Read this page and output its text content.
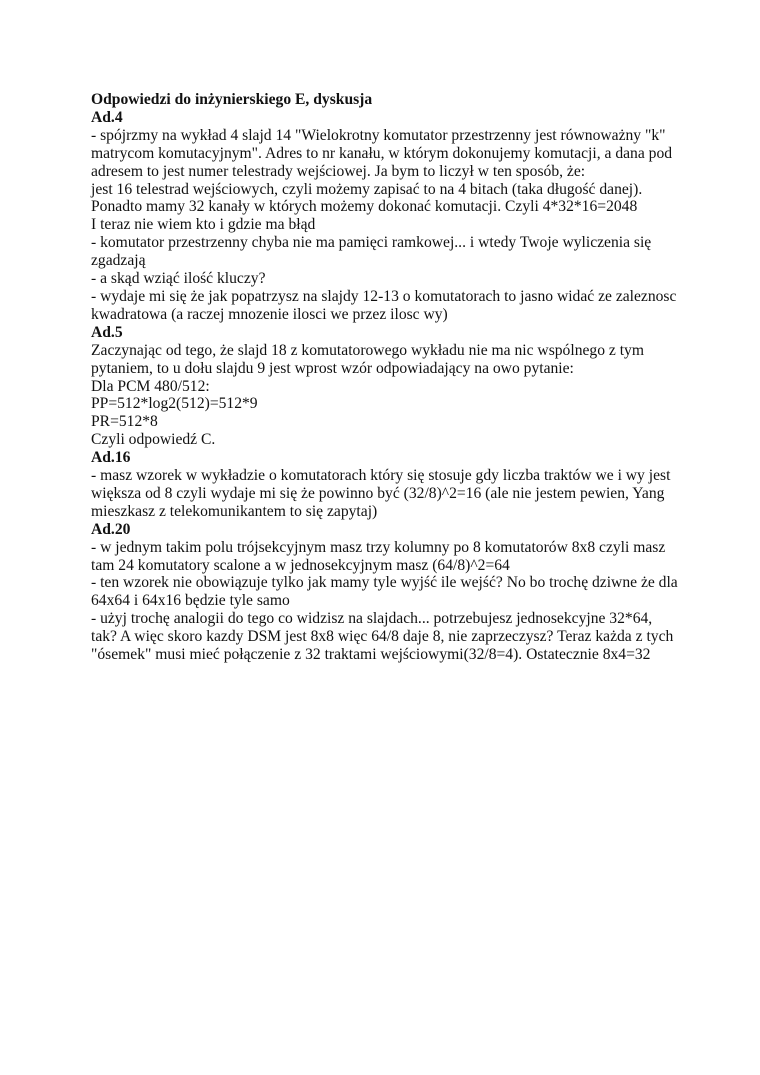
Odpowiedzi do inżynierskiego E, dyskusja
Ad.4
- spójrzmy na wykład 4 slajd 14 "Wielokrotny komutator przestrzenny jest równoważny "k"
matrycom komutacyjnym". Adres to nr kanału, w którym dokonujemy komutacji, a dana pod
adresem to jest numer telestrady wejściowej. Ja bym to liczył w ten sposób, że:
jest 16 telestrad wejściowych, czyli możemy zapisać to na 4 bitach (taka długość danej).
Ponadto mamy 32 kanały w których możemy dokonać komutacji. Czyli 4*32*16=2048
I teraz nie wiem kto i gdzie ma błąd
- komutator przestrzenny chyba nie ma pamięci ramkowej... i wtedy Twoje wyliczenia się
zgadzają
- a skąd wziąć ilość kluczy?
- wydaje mi się że jak popatrzysz na slajdy 12-13 o komutatorach to jasno widać ze zaleznosc
kwadratowa (a raczej mnozenie ilosci we przez ilosc wy)
Ad.5
Zaczynając od tego, że slajd 18 z komutatorowego wykładu nie ma nic wspólnego z tym
pytaniem, to u dołu slajdu 9 jest wprost wzór odpowiadający na owo pytanie:
Dla PCM 480/512:
PP=512*log2(512)=512*9
PR=512*8
Czyli odpowiedź C.
Ad.16
- masz wzorek w wykładzie o komutatorach który się stosuje gdy liczba traktów we i wy jest
większa od 8 czyli wydaje mi się że powinno być (32/8)^2=16 (ale nie jestem pewien, Yang
mieszkasz z telekomunikantem to się zapytaj)
Ad.20
- w jednym takim polu trójsekcyjnym masz trzy kolumny po 8 komutatorów 8x8 czyli masz
tam 24 komutatory scalone a w jednosekcyjnym masz (64/8)^2=64
- ten wzorek nie obowiązuje tylko jak mamy tyle wyjść ile wejść? No bo trochę dziwne że dla
64x64 i 64x16 będzie tyle samo
- użyj trochę analogii do tego co widzisz na slajdach... potrzebujesz jednosekcyjne 32*64,
tak? A więc skoro kazdy DSM jest 8x8 więc 64/8 daje 8, nie zaprzeczysz? Teraz każda z tych
"ósemek" musi mieć połączenie z 32 traktami wejściowymi(32/8=4). Ostatecznie 8x4=32
